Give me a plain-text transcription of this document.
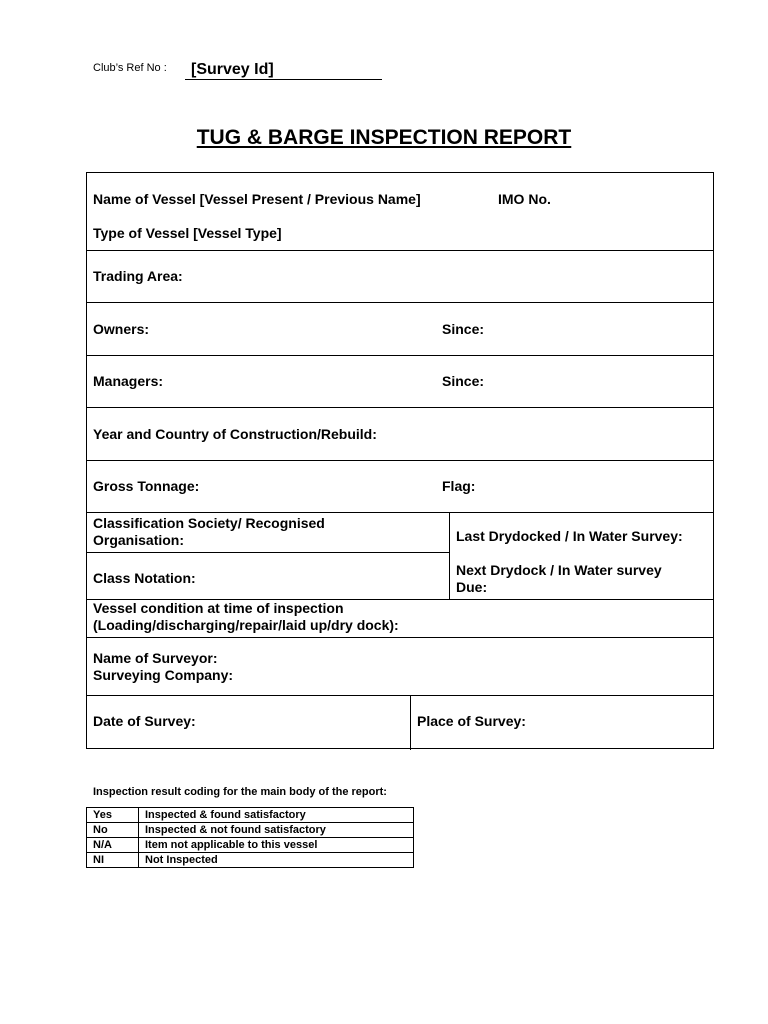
Club’s Ref No :	[Survey Id]
TUG & BARGE INSPECTION REPORT
Name of Vessel [Vessel Present / Previous Name]	IMO No.
Type of Vessel [Vessel Type]
Trading Area:
Owners:	Since:
Managers:	Since:
Year and Country of Construction/Rebuild:
Gross Tonnage:	Flag:
Classification Society/ Recognised
Organisation:	Last Drydocked / In Water Survey:
Class Notation:	Next Drydock / In Water survey
Due:
Vessel condition at time of inspection
(Loading/discharging/repair/laid up/dry dock):
Name of Surveyor:
Surveying Company:
Date of Survey:	Place of Survey:
Inspection result coding for the main body of the report:
Yes	Inspected & found satisfactory
No	Inspected & not found satisfactory
N/A	Item not applicable to this vessel
NI	Not Inspected
